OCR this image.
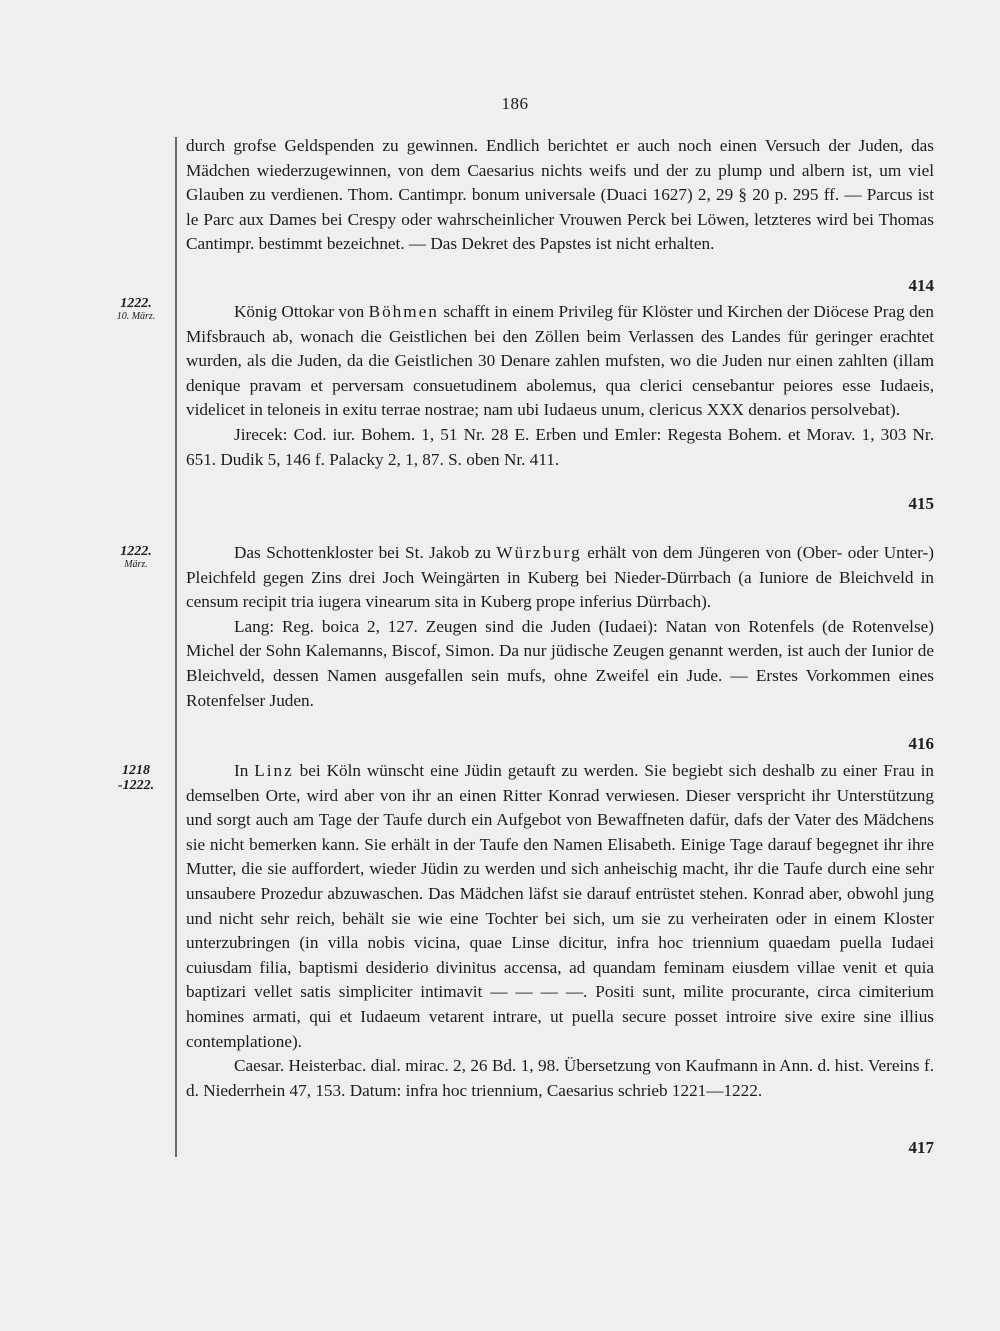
186
1222.
10. März.
1222.
März.
1218
-1222.

durch grofse Geldspenden zu gewinnen. Endlich berichtet er auch noch einen Versuch der Juden, das Mädchen wiederzugewinnen, von dem Caesarius nichts weifs und der zu plump und albern ist, um viel Glauben zu verdienen. Thom. Cantimpr. bonum universale (Duaci 1627) 2, 29 § 20 p. 295 ff. — Parcus ist le Parc aux Dames bei Crespy oder wahrscheinlicher Vrouwen Perck bei Löwen, letzteres wird bei Thomas Cantimpr. bestimmt bezeichnet. — Das Dekret des Papstes ist nicht erhalten.

414

König Ottokar von Böhmen schafft in einem Privileg für Klöster und Kirchen der Diöcese Prag den Mifsbrauch ab, wonach die Geistlichen bei den Zöllen beim Verlassen des Landes für geringer erachtet wurden, als die Juden, da die Geistlichen 30 Denare zahlen mufsten, wo die Juden nur einen zahlten (illam denique pravam et perversam consuetudinem abolemus, qua clerici censebantur peiores esse Iudaeis, videlicet in teloneis in exitu terrae nostrae; nam ubi Iudaeus unum, clericus XXX denarios persolvebat).

Jirecek: Cod. iur. Bohem. 1, 51 Nr. 28 E. Erben und Emler: Regesta Bohem. et Morav. 1, 303 Nr. 651. Dudik 5, 146 f. Palacky 2, 1, 87. S. oben Nr. 411.

415

Das Schottenkloster bei St. Jakob zu Würzburg erhält von dem Jüngeren von (Ober- oder Unter-) Pleichfeld gegen Zins drei Joch Weingärten in Kuberg bei Nieder-Dürrbach (a Iuniore de Bleichveld in censum recipit tria iugera vinearum sita in Kuberg prope inferius Dürrbach).

Lang: Reg. boica 2, 127. Zeugen sind die Juden (Iudaei): Natan von Rotenfels (de Rotenvelse) Michel der Sohn Kalemanns, Biscof, Simon. Da nur jüdische Zeugen genannt werden, ist auch der Iunior de Bleichveld, dessen Namen ausgefallen sein mufs, ohne Zweifel ein Jude. — Erstes Vorkommen eines Rotenfelser Juden.

416

In Linz bei Köln wünscht eine Jüdin getauft zu werden. Sie begiebt sich deshalb zu einer Frau in demselben Orte, wird aber von ihr an einen Ritter Konrad verwiesen. Dieser verspricht ihr Unterstützung und sorgt auch am Tage der Taufe durch ein Aufgebot von Bewaffneten dafür, dafs der Vater des Mädchens sie nicht bemerken kann. Sie erhält in der Taufe den Namen Elisabeth. Einige Tage darauf begegnet ihr ihre Mutter, die sie auffordert, wieder Jüdin zu werden und sich anheischig macht, ihr die Taufe durch eine sehr unsaubere Prozedur abzuwaschen. Das Mädchen läfst sie darauf entrüstet stehen. Konrad aber, obwohl jung und nicht sehr reich, behält sie wie eine Tochter bei sich, um sie zu verheiraten oder in einem Kloster unterzubringen (in villa nobis vicina, quae Linse dicitur, infra hoc triennium quaedam puella Iudaei cuiusdam filia, baptismi desiderio divinitus accensa, ad quandam feminam eiusdem villae venit et quia baptizari vellet satis simpliciter intimavit — — — —. Positi sunt, milite procurante, circa cimiterium homines armati, qui et Iudaeum vetarent intrare, ut puella secure posset introire sive exire sine illius contemplatione).

Caesar. Heisterbac. dial. mirac. 2, 26 Bd. 1, 98. Übersetzung von Kaufmann in Ann. d. hist. Vereins f. d. Niederrhein 47, 153. Datum: infra hoc triennium, Caesarius schrieb 1221—1222.

417
